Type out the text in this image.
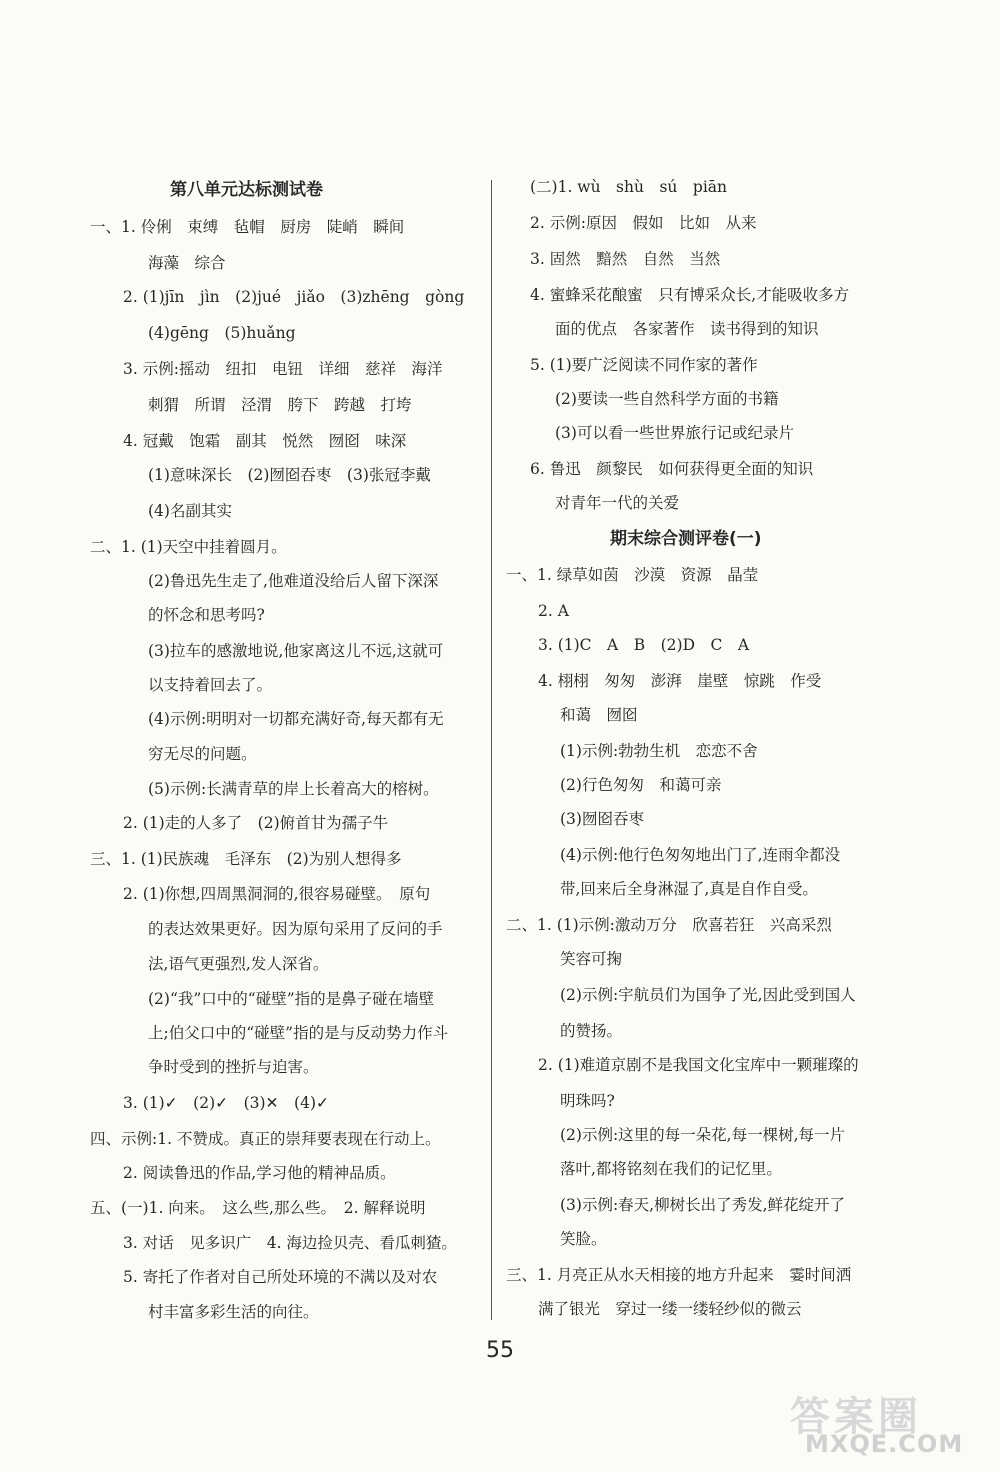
第八单元达标测试卷
一、1. 伶俐　束缚　毡帽　厨房　陡峭　瞬间
海藻　综合
2. (1)jīn　jìn　(2)jué　jiǎo　(3)zhēng　gòng
(4)gēng　(5)huǎng
3. 示例:摇动　纽扣　电钮　详细　慈祥　海洋
刺猬　所谓　泾渭　胯下　跨越　打垮
4. 冠戴　饱霜　副其　悦然　囫囵　味深
(1)意味深长　(2)囫囵吞枣　(3)张冠李戴
(4)名副其实
二、1. (1)天空中挂着圆月。
(2)鲁迅先生走了,他难道没给后人留下深深
的怀念和思考吗?
(3)拉车的感激地说,他家离这儿不远,这就可
以支持着回去了。
(4)示例:明明对一切都充满好奇,每天都有无
穷无尽的问题。
(5)示例:长满青草的岸上长着高大的榕树。
2. (1)走的人多了　(2)俯首甘为孺子牛
三、1. (1)民族魂　毛泽东　(2)为别人想得多
2. (1)你想,四周黑洞洞的,很容易碰壁。　原句
的表达效果更好。因为原句采用了反问的手
法,语气更强烈,发人深省。
(2)“我”口中的“碰壁”指的是鼻子碰在墙壁
上;伯父口中的“碰壁”指的是与反动势力作斗
争时受到的挫折与迫害。
3. (1)✓　(2)✓　(3)✕　(4)✓
四、示例:1. 不赞成。真正的崇拜要表现在行动上。
2. 阅读鲁迅的作品,学习他的精神品质。
五、(一)1. 向来。　这么些,那么些。　2. 解释说明
3. 对话　见多识广　4. 海边捡贝壳、看瓜刺猹。
5. 寄托了作者对自己所处环境的不满以及对农
村丰富多彩生活的向往。
(二)1. wù　shù　sú　piān
2. 示例:原因　假如　比如　从来
3. 固然　黯然　自然　当然
4. 蜜蜂采花酿蜜　只有博采众长,才能吸收多方
面的优点　各家著作　读书得到的知识
5. (1)要广泛阅读不同作家的著作
(2)要读一些自然科学方面的书籍
(3)可以看一些世界旅行记或纪录片
6. 鲁迅　颜黎民　如何获得更全面的知识
对青年一代的关爱
期末综合测评卷(一)
一、1. 绿草如茵　沙漠　资源　晶莹
2. A
3. (1)C　A　B　(2)D　C　A
4. 栩栩　匆匆　澎湃　崖壁　惊跳　作受
和蔼　囫囵
(1)示例:勃勃生机　恋恋不舍
(2)行色匆匆　和蔼可亲
(3)囫囵吞枣
(4)示例:他行色匆匆地出门了,连雨伞都没
带,回来后全身淋湿了,真是自作自受。
二、1. (1)示例:激动万分　欣喜若狂　兴高采烈
笑容可掬
(2)示例:宇航员们为国争了光,因此受到国人
的赞扬。
2. (1)难道京剧不是我国文化宝库中一颗璀璨的
明珠吗?
(2)示例:这里的每一朵花,每一棵树,每一片
落叶,都将铭刻在我们的记忆里。
(3)示例:春天,柳树长出了秀发,鲜花绽开了
笑脸。
三、1. 月亮正从水天相接的地方升起来　霎时间洒
满了银光　穿过一缕一缕轻纱似的微云
55
答案圈
MXQE.COM
